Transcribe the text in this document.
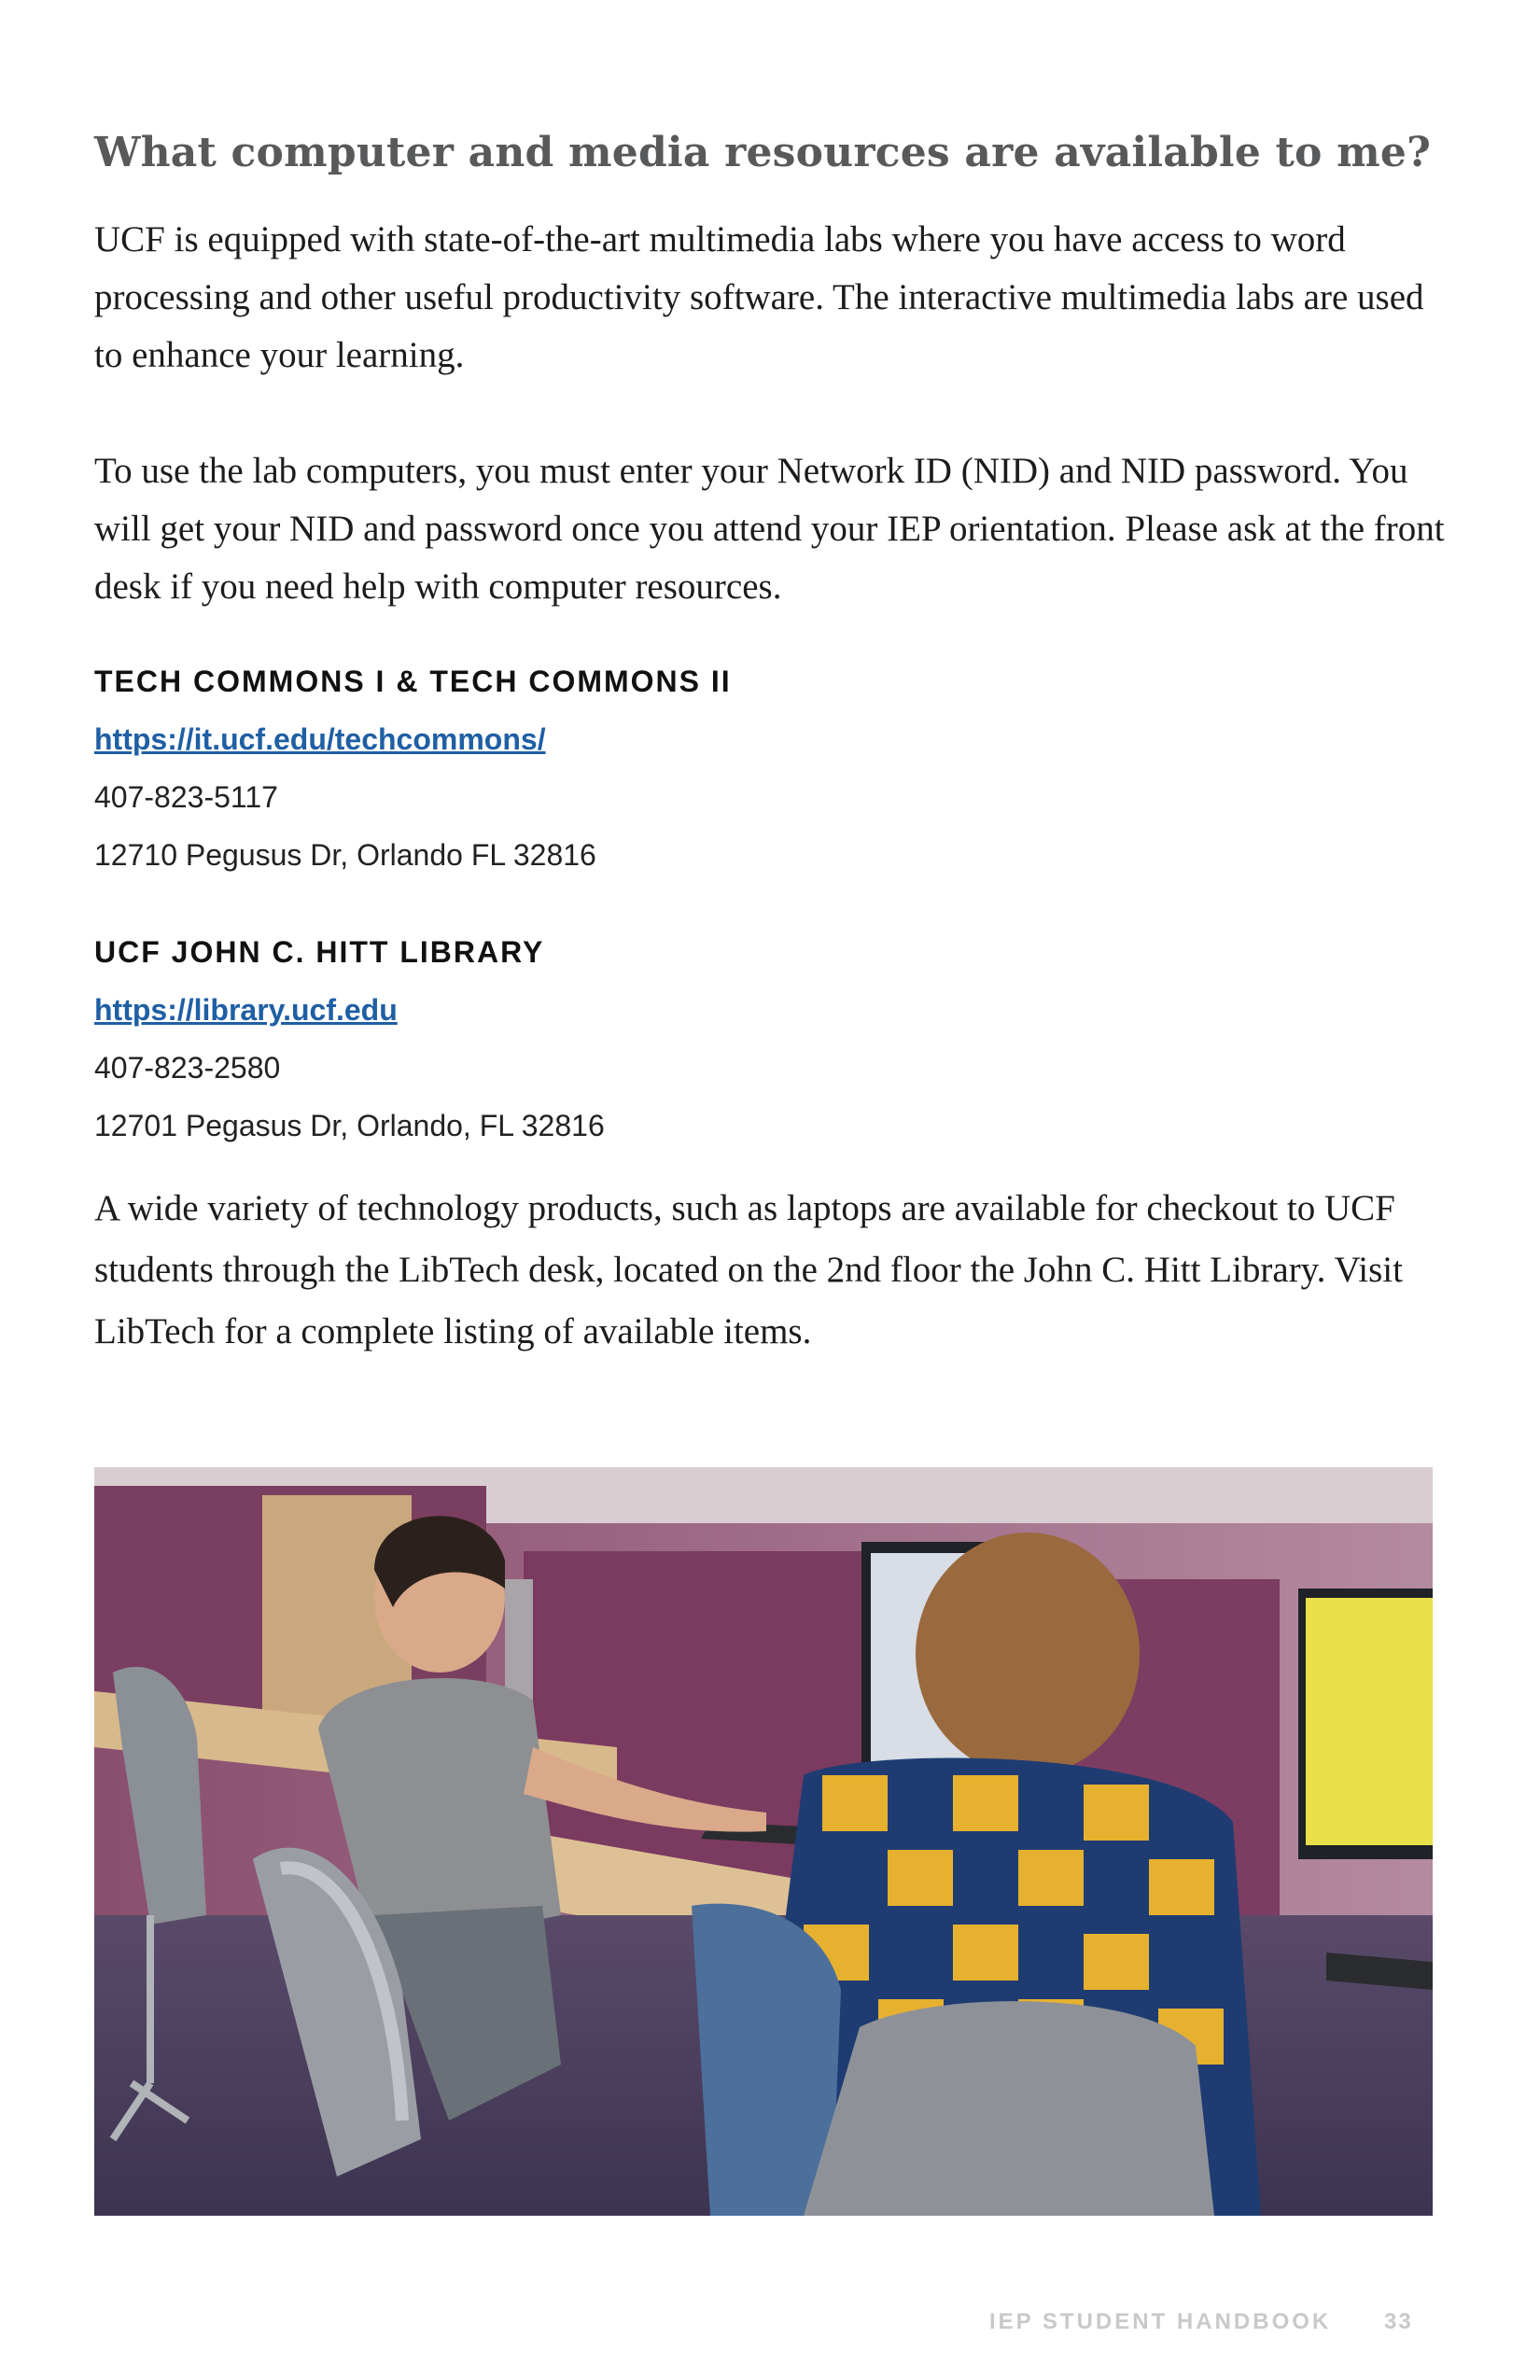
What computer and media resources are available to me?

UCF is equipped with state-of-the-art multimedia labs where you have access to word processing and other useful productivity software. The interactive multimedia labs are used to enhance your learning.

To use the lab computers, you must enter your Network ID (NID) and NID password. You will get your NID and password once you attend your IEP orientation. Please ask at the front desk if you need help with computer resources.

TECH COMMONS I & TECH COMMONS II
https://it.ucf.edu/techcommons/
407-823-5117
12710 Pegusus Dr, Orlando FL 32816
UCF JOHN C. HITT LIBRARY
https://library.ucf.edu
407-823-2580
12701 Pegasus Dr, Orlando, FL 32816

A wide variety of technology products, such as laptops are available for checkout to UCF students through the LibTech desk, located on the 2nd floor the John C. Hitt Library. Visit LibTech for a complete listing of available items.

IEP STUDENT HANDBOOK 33
